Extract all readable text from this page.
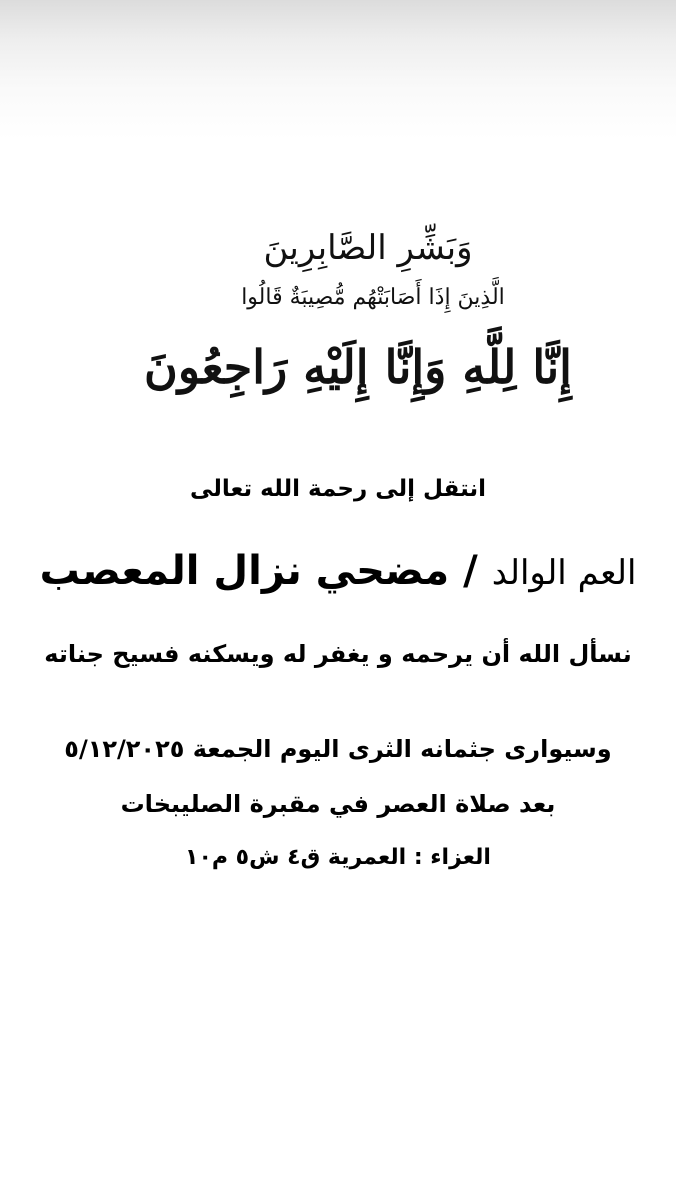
وَبَشِّرِ الصَّابِرِينَ
الَّذِينَ إِذَا أَصَابَتْهُم مُّصِيبَةٌ قَالُوا
إِنَّا لِلَّهِ وَإِنَّا إِلَيْهِ رَاجِعُونَ
انتقل إلى رحمة الله تعالى
العم الوالد
/
مضحي نزال المعصب
نسأل الله أن يرحمه و يغفر له ويسكنه فسيح جناته
وسيوارى جثمانه الثرى اليوم الجمعة ٥/١٢/٢٠٢٥
بعد صلاة العصر في مقبرة الصليبخات
العزاء : العمرية ق٤ ش٥ م١٠
